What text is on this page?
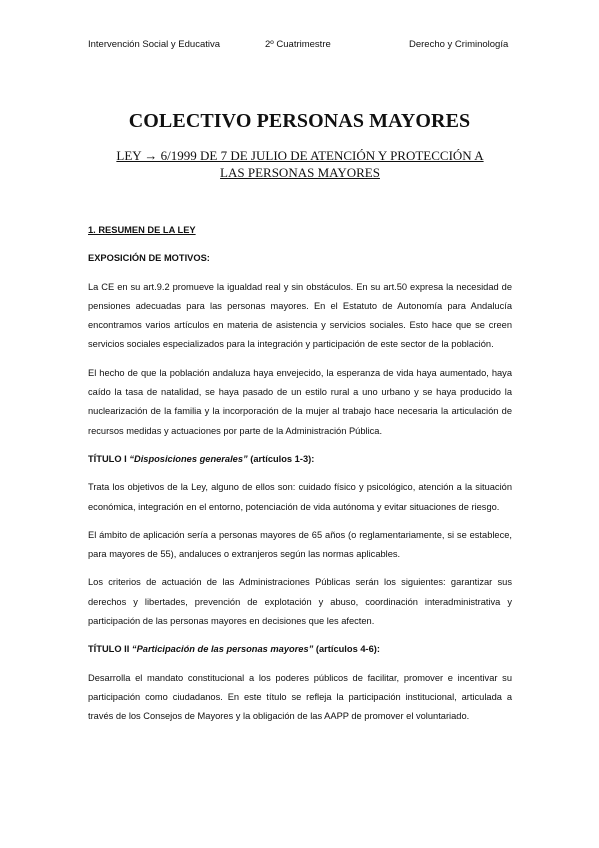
Intervención Social y Educativa	2º Cuatrimestre	Derecho y Criminología
COLECTIVO PERSONAS MAYORES
LEY → 6/1999 DE 7 DE JULIO DE ATENCIÓN Y PROTECCIÓN A
LAS PERSONAS MAYORES

1. RESUMEN DE LA LEY

EXPOSICIÓN DE MOTIVOS:

La CE en su art.9.2 promueve la igualdad real y sin obstáculos. En su art.50 expresa la necesidad de pensiones adecuadas para las personas mayores. En el Estatuto de Autonomía para Andalucía encontramos varios artículos en materia de asistencia y servicios sociales. Esto hace que se creen servicios sociales especializados para la integración y participación de este sector de la población.

El hecho de que la población andaluza haya envejecido, la esperanza de vida haya aumentado, haya caído la tasa de natalidad, se haya pasado de un estilo rural a uno urbano y se haya producido la nuclearización de la familia y la incorporación de la mujer al trabajo hace necesaria la articulación de recursos medidas y actuaciones por parte de la Administración Pública.

TÍTULO I “Disposiciones generales” (artículos 1-3):

Trata los objetivos de la Ley, alguno de ellos son: cuidado físico y psicológico, atención a la situación económica, integración en el entorno, potenciación de vida autónoma y evitar situaciones de riesgo.

El ámbito de aplicación sería a personas mayores de 65 años (o reglamentariamente, si se establece, para mayores de 55), andaluces o extranjeros según las normas aplicables.

Los criterios de actuación de las Administraciones Públicas serán los siguientes: garantizar sus derechos y libertades, prevención de explotación y abuso, coordinación interadministrativa y participación de las personas mayores en decisiones que les afecten.

TÍTULO II “Participación de las personas mayores” (artículos 4-6):

Desarrolla el mandato constitucional a los poderes públicos de facilitar, promover e incentivar su participación como ciudadanos. En este título se refleja la participación institucional, articulada a través de los Consejos de Mayores y la obligación de las AAPP de promover el voluntariado.
